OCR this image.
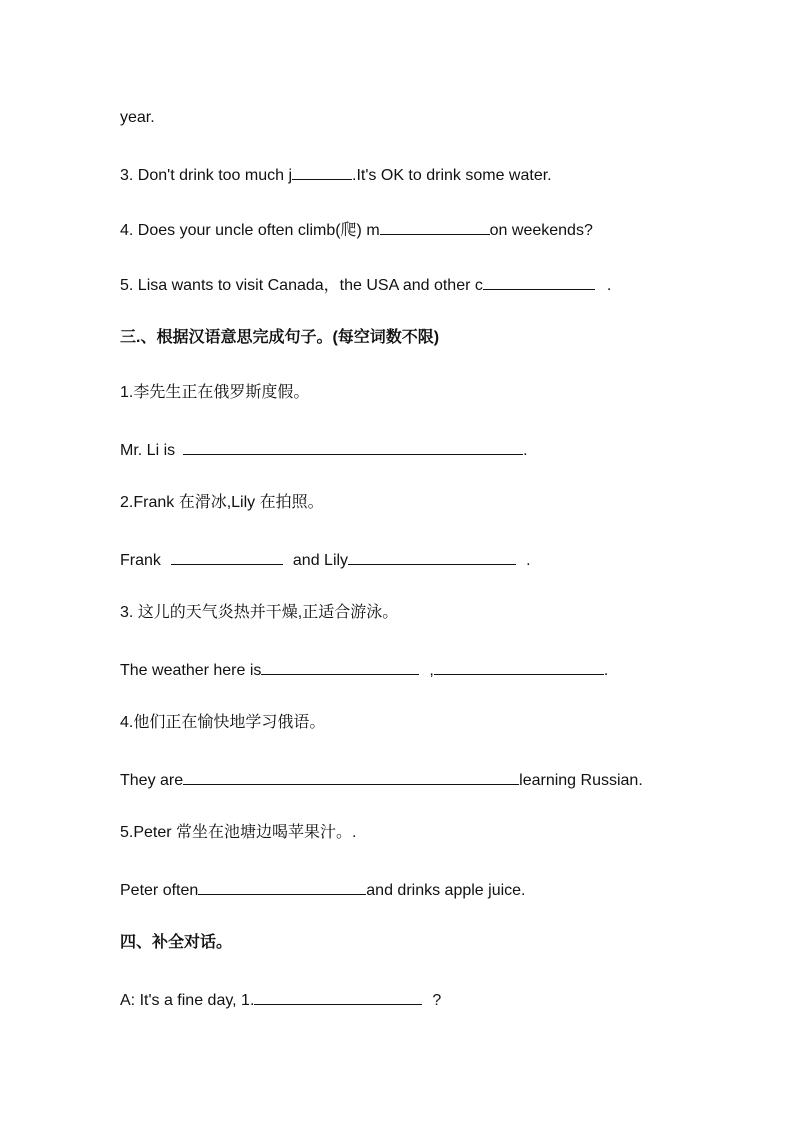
year.
3. Don't drink too much j	.It's OK to drink some water.
4. Does your uncle often climb(爬) m	on weekends?
5. Lisa wants to visit Canada，the USA and other c	.
三.、根据汉语意思完成句子。(每空词数不限)
1.李先生正在俄罗斯度假。
Mr. Li is	.
2.Frank 在滑冰,Lily 在拍照。
Frank	and Lily	.
3. 这儿的天气炎热并干燥,正适合游泳。
The weather here is	,	.
4.他们正在愉快地学习俄语。
They are	learning Russian.
5.Peter 常坐在池塘边喝苹果汁。.
Peter often	and drinks apple juice.
四、补全对话。
A: It's a fine day, 1.	?
